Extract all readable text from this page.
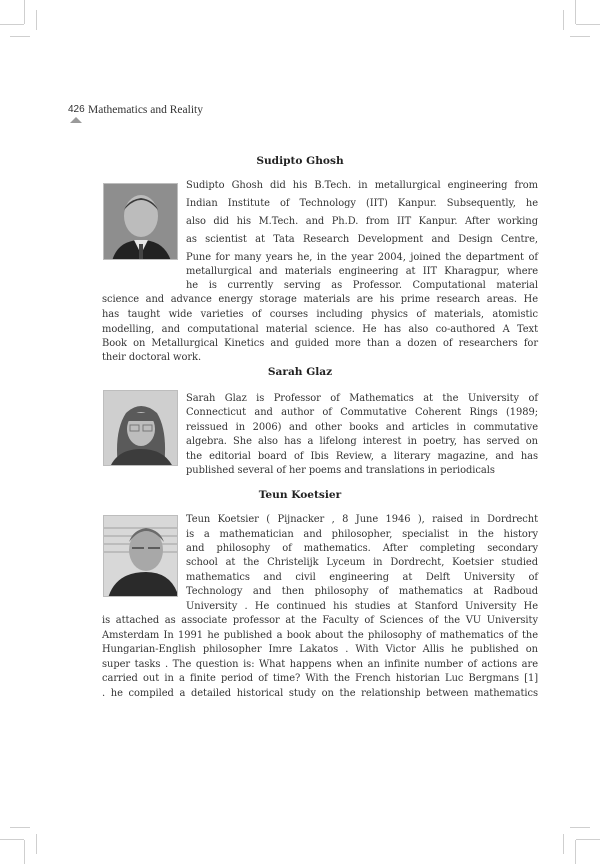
426 Mathematics and Reality
Sudipto Ghosh
Sudipto Ghosh did his B.Tech. in metallurgical engineering from
Indian Institute of Technology (IIT) Kanpur. Subsequently, he
also did his M.Tech. and Ph.D. from IIT Kanpur. After working
as scientist at Tata Research Development and Design Centre,
Pune for many years he, in the year 2004, joined the department of
metallurgical and materials engineering at IIT Kharagpur, where
he is currently serving as Professor. Computational material
science and advance energy storage materials are his prime research areas. He
has taught wide varieties of courses including physics of materials, atomistic
modelling, and computational material science. He has also co-authored A Text
Book on Metallurgical Kinetics and guided more than a dozen of researchers for
their doctoral work.
Sarah Glaz
Sarah Glaz is Professor of Mathematics at the University of
Connecticut and author of Commutative Coherent Rings (1989;
reissued in 2006) and other books and articles in commutative
algebra. She also has a lifelong interest in poetry, has served on
the editorial board of Ibis Review, a literary magazine, and has
published several of her poems and translations in periodicals
Teun Koetsier
Teun Koetsier ( Pijnacker , 8 June 1946 ), raised in Dordrecht
is a mathematician and philosopher, specialist in the history
and philosophy of mathematics. After completing secondary
school at the Christelijk Lyceum in Dordrecht, Koetsier studied
mathematics and civil engineering at Delft University of
Technology and then philosophy of mathematics at Radboud
University . He continued his studies at Stanford University He
is attached as associate professor at the Faculty of Sciences of the VU University
Amsterdam In 1991 he published a book about the philosophy of mathematics of the
Hungarian-English philosopher Imre Lakatos . With Victor Allis he published on
super tasks . The question is: What happens when an infinite number of actions are
carried out in a finite period of time? With the French historian Luc Bergmans [1]
. he compiled a detailed historical study on the relationship between mathematics
